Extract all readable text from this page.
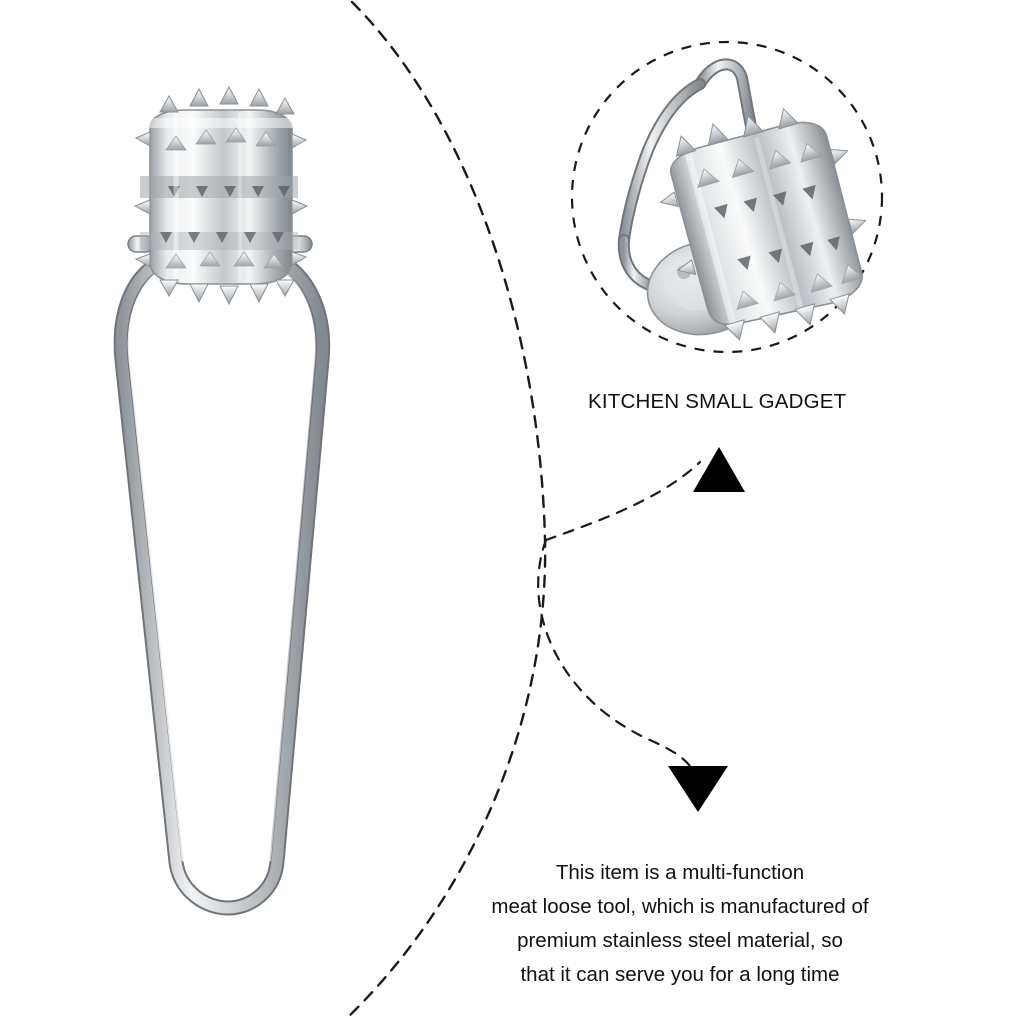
KITCHEN SMALL GADGET
This item is a multi-function
meat loose tool, which is manufactured of
premium stainless steel material, so
that it can serve you for a long time
